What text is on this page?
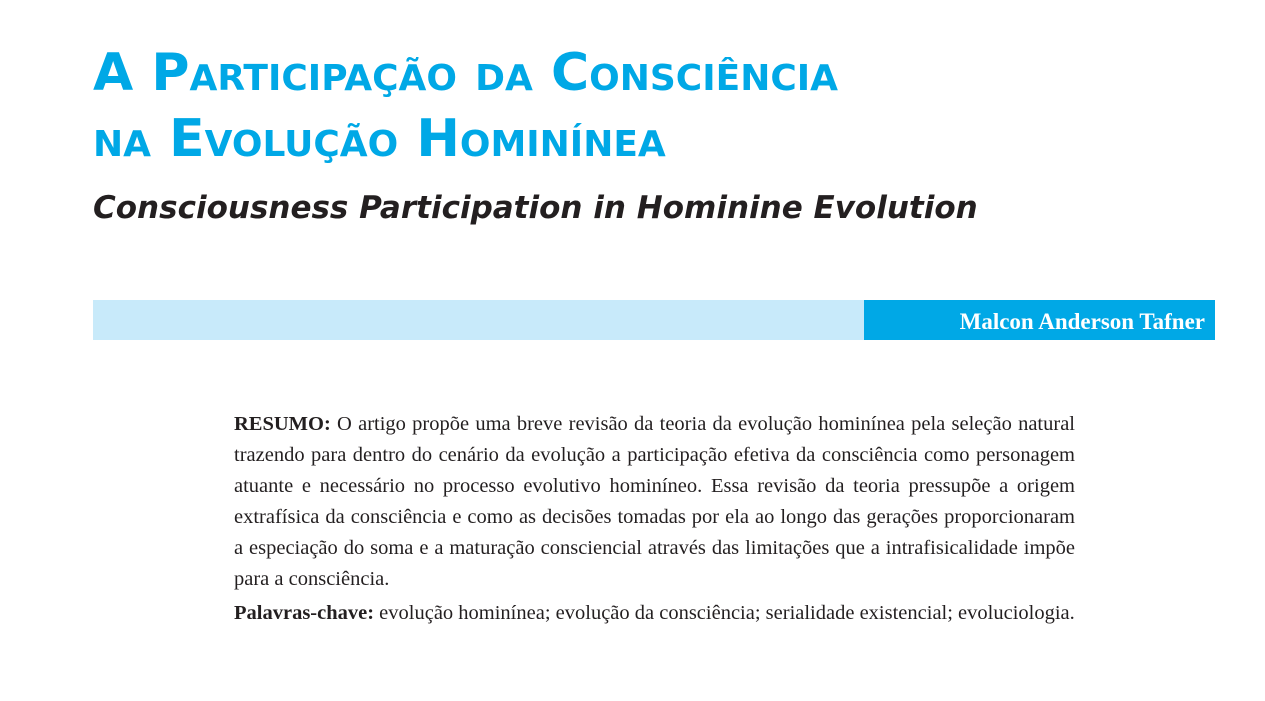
A Participação da Consciência
na Evolução Hominínea
Consciousness Participation in Hominine Evolution
Malcon Anderson Tafner

RESUMO: O artigo propõe uma breve revisão da teoria da evolução hominínea pela seleção natural trazendo para dentro do cenário da evolução a participação efetiva da consciência como personagem atuante e necessário no processo evolutivo hominíneo. Essa revisão da teoria pressupõe a origem extrafísica da consciência e como as decisões tomadas por ela ao longo das gerações proporcionaram a especiação do soma e a maturação consciencial através das limitações que a intrafisicalidade impõe para a consciência.

Palavras-chave: evolução hominínea; evolução da consciência; serialidade existencial; evoluciologia.
